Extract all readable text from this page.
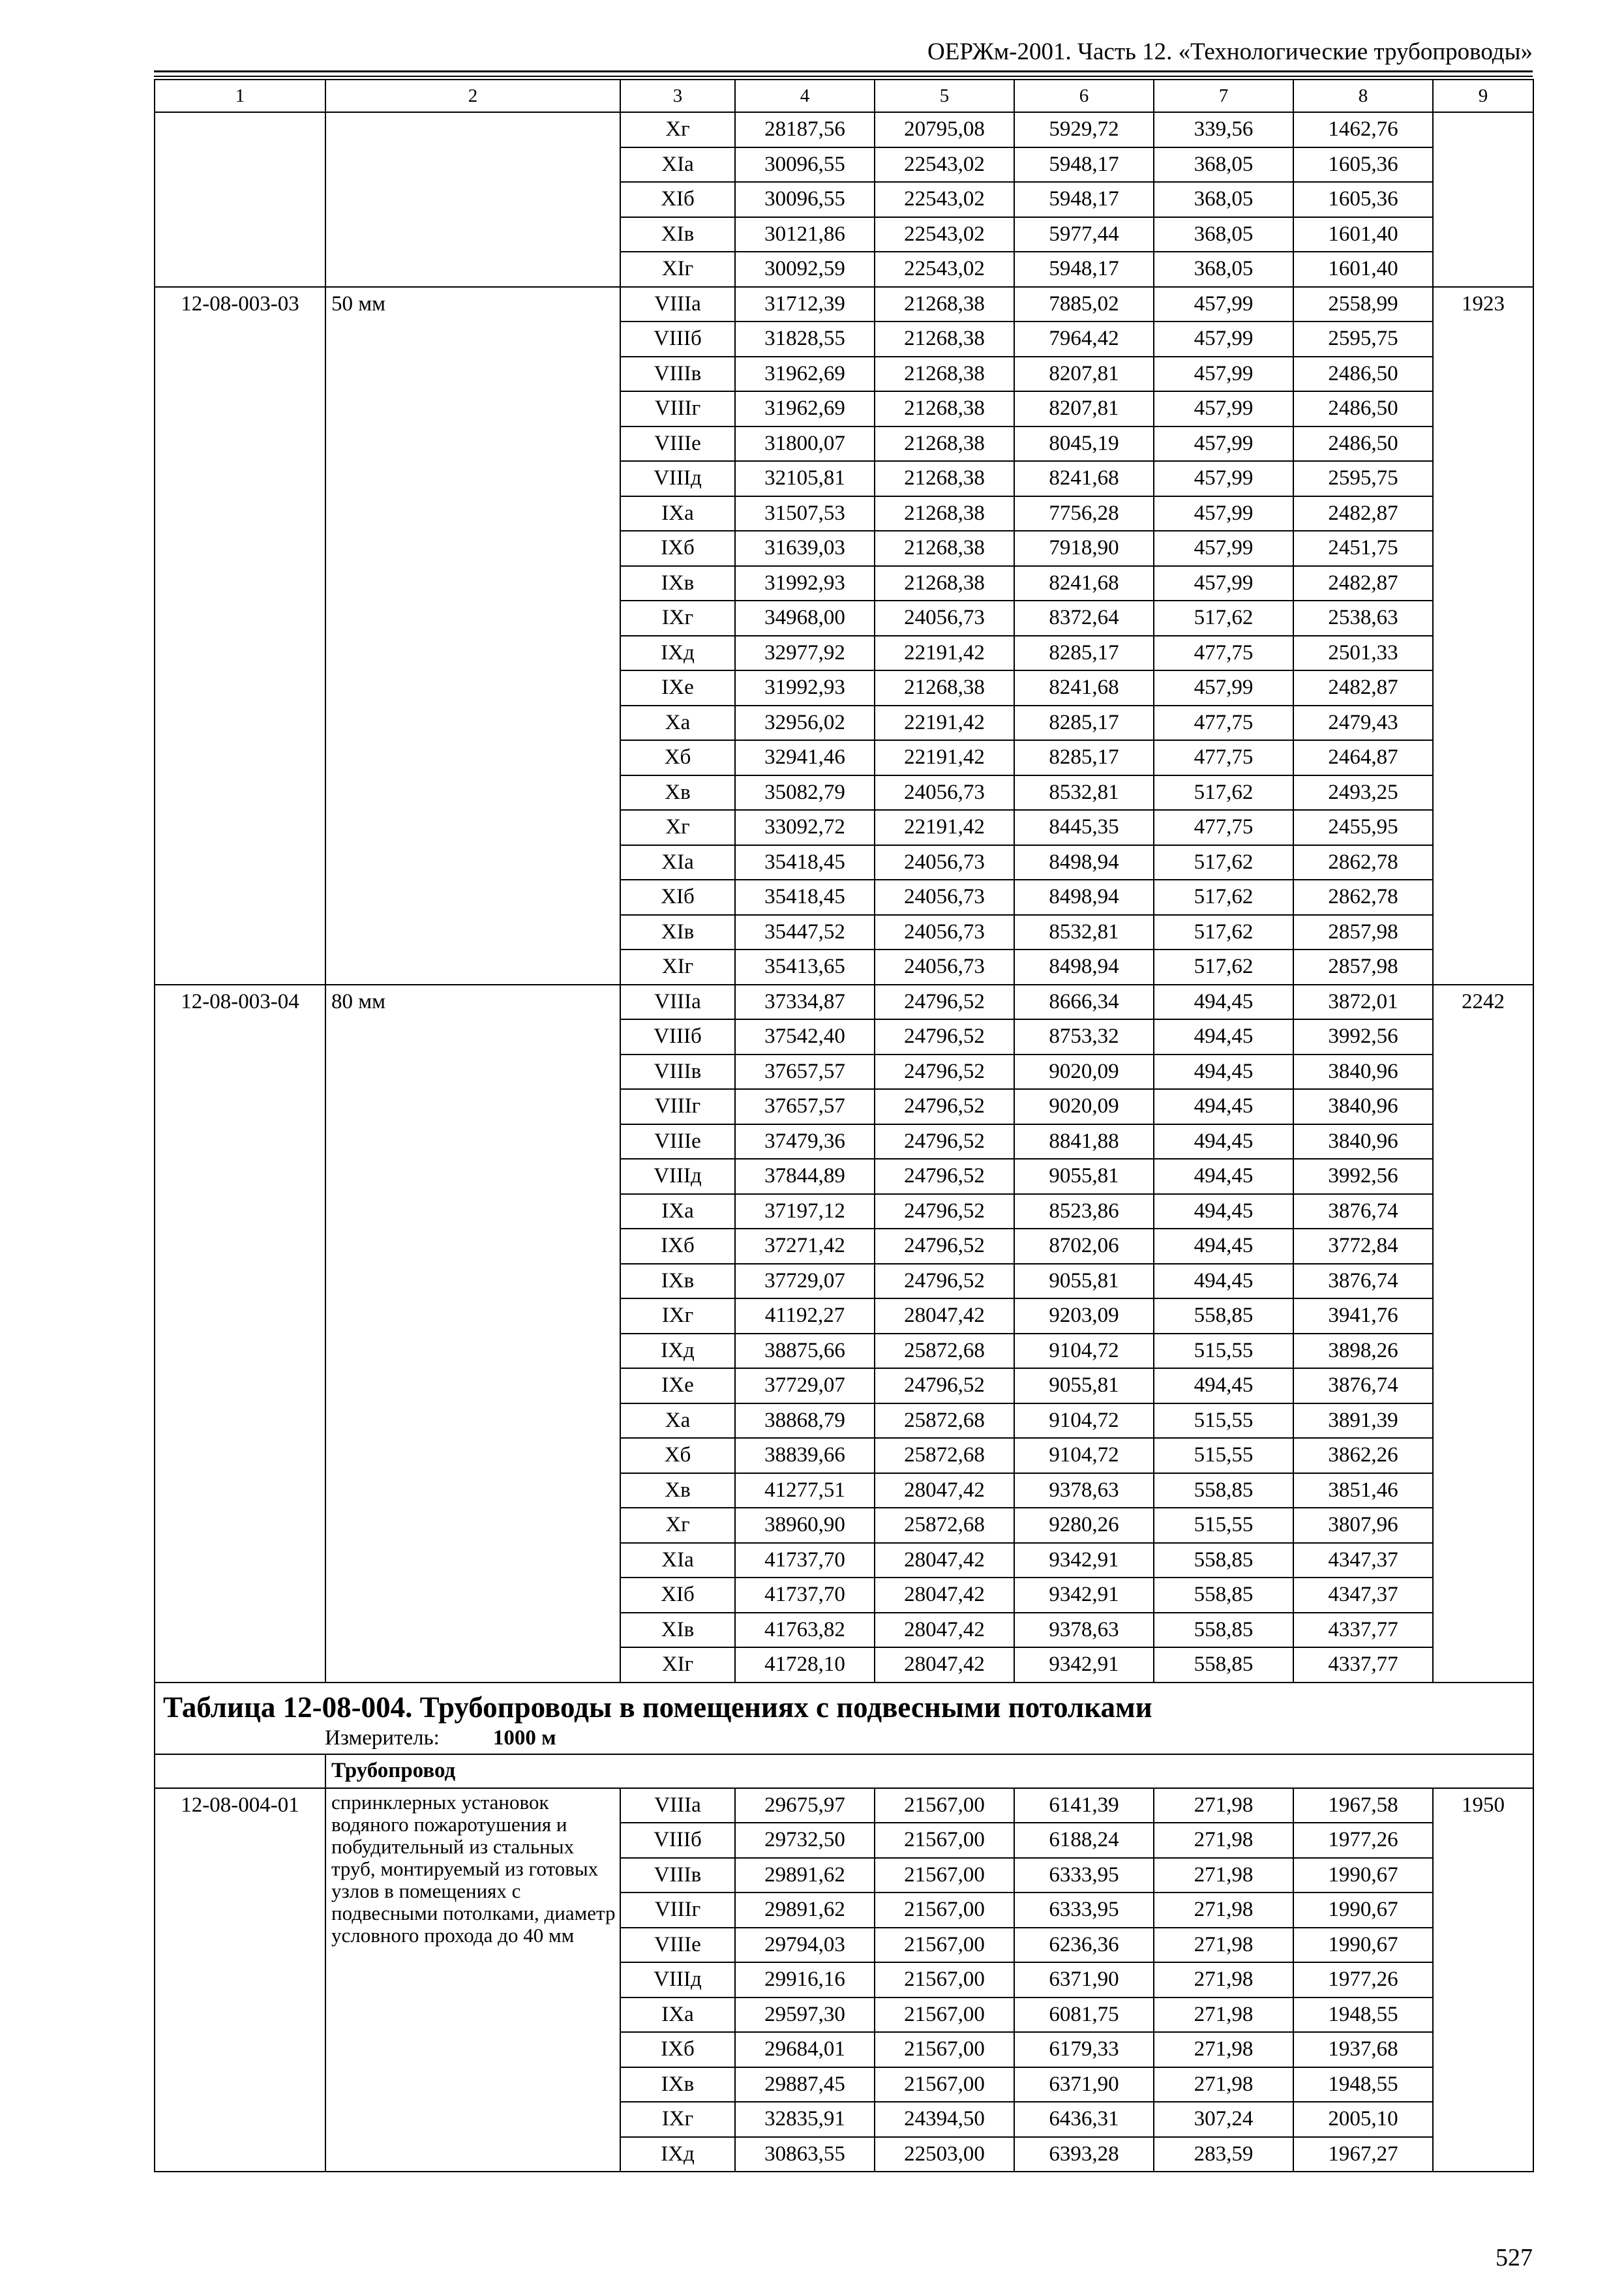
ОЕРЖм-2001. Часть 12. «Технологические трубопроводы»
1	2	3	4	5	6	7	8	9
		Xг	28187,56	20795,08	5929,72	339,56	1462,76	
		XIа	30096,55	22543,02	5948,17	368,05	1605,36	
		XIб	30096,55	22543,02	5948,17	368,05	1605,36	
		XIв	30121,86	22543,02	5977,44	368,05	1601,40	
		XIг	30092,59	22543,02	5948,17	368,05	1601,40	
12-08-003-03	50 мм	VIIIа	31712,39	21268,38	7885,02	457,99	2558,99	1923
		VIIIб	31828,55	21268,38	7964,42	457,99	2595,75	
		VIIIв	31962,69	21268,38	8207,81	457,99	2486,50	
		VIIIг	31962,69	21268,38	8207,81	457,99	2486,50	
		VIIIе	31800,07	21268,38	8045,19	457,99	2486,50	
		VIIIд	32105,81	21268,38	8241,68	457,99	2595,75	
		IXа	31507,53	21268,38	7756,28	457,99	2482,87	
		IXб	31639,03	21268,38	7918,90	457,99	2451,75	
		IXв	31992,93	21268,38	8241,68	457,99	2482,87	
		IXг	34968,00	24056,73	8372,64	517,62	2538,63	
		IXд	32977,92	22191,42	8285,17	477,75	2501,33	
		IXе	31992,93	21268,38	8241,68	457,99	2482,87	
		Xа	32956,02	22191,42	8285,17	477,75	2479,43	
		Xб	32941,46	22191,42	8285,17	477,75	2464,87	
		Xв	35082,79	24056,73	8532,81	517,62	2493,25	
		Xг	33092,72	22191,42	8445,35	477,75	2455,95	
		XIа	35418,45	24056,73	8498,94	517,62	2862,78	
		XIб	35418,45	24056,73	8498,94	517,62	2862,78	
		XIв	35447,52	24056,73	8532,81	517,62	2857,98	
		XIг	35413,65	24056,73	8498,94	517,62	2857,98	
12-08-003-04	80 мм	VIIIа	37334,87	24796,52	8666,34	494,45	3872,01	2242
		VIIIб	37542,40	24796,52	8753,32	494,45	3992,56	
		VIIIв	37657,57	24796,52	9020,09	494,45	3840,96	
		VIIIг	37657,57	24796,52	9020,09	494,45	3840,96	
		VIIIе	37479,36	24796,52	8841,88	494,45	3840,96	
		VIIIд	37844,89	24796,52	9055,81	494,45	3992,56	
		IXа	37197,12	24796,52	8523,86	494,45	3876,74	
		IXб	37271,42	24796,52	8702,06	494,45	3772,84	
		IXв	37729,07	24796,52	9055,81	494,45	3876,74	
		IXг	41192,27	28047,42	9203,09	558,85	3941,76	
		IXд	38875,66	25872,68	9104,72	515,55	3898,26	
		IXе	37729,07	24796,52	9055,81	494,45	3876,74	
		Xа	38868,79	25872,68	9104,72	515,55	3891,39	
		Xб	38839,66	25872,68	9104,72	515,55	3862,26	
		Xв	41277,51	28047,42	9378,63	558,85	3851,46	
		Xг	38960,90	25872,68	9280,26	515,55	3807,96	
		XIа	41737,70	28047,42	9342,91	558,85	4347,37	
		XIб	41737,70	28047,42	9342,91	558,85	4347,37	
		XIв	41763,82	28047,42	9378,63	558,85	4337,77	
		XIг	41728,10	28047,42	9342,91	558,85	4337,77	

Таблица 12-08-004. Трубопроводы в помещениях с подвесными потолками
Измеритель: 1000 м								

	Трубопровод							
12-08-004-01	спринклерных установок водяного пожаротушения и побудительный из стальных труб, монтируемый из готовых узлов в помещениях с подвесными потолками, диаметр условного прохода до 40 мм	VIIIа	29675,97	21567,00	6141,39	271,98	1967,58	1950
		VIIIб	29732,50	21567,00	6188,24	271,98	1977,26	
		VIIIв	29891,62	21567,00	6333,95	271,98	1990,67	
		VIIIг	29891,62	21567,00	6333,95	271,98	1990,67	
		VIIIе	29794,03	21567,00	6236,36	271,98	1990,67	
		VIIIд	29916,16	21567,00	6371,90	271,98	1977,26	
		IXа	29597,30	21567,00	6081,75	271,98	1948,55	
		IXб	29684,01	21567,00	6179,33	271,98	1937,68	
		IXв	29887,45	21567,00	6371,90	271,98	1948,55	
		IXг	32835,91	24394,50	6436,31	307,24	2005,10	
		IXд	30863,55	22503,00	6393,28	283,59	1967,27	
527
